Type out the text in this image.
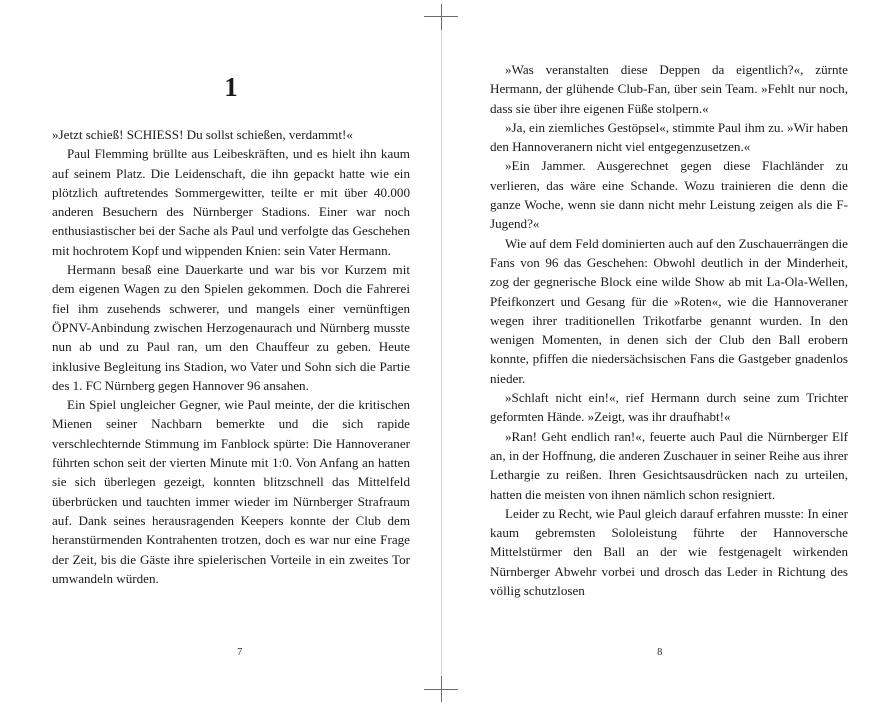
1

»Jetzt schieß! SCHIESS! Du sollst schießen, verdammt!«

Paul Flemming brüllte aus Leibeskräften, und es hielt ihn kaum auf seinem Platz. Die Leidenschaft, die ihn gepackt hatte wie ein plötzlich auftretendes Sommergewitter, teilte er mit über 40.000 anderen Besuchern des Nürnberger Stadions. Einer war noch enthusiastischer bei der Sache als Paul und verfolgte das Geschehen mit hochrotem Kopf und wippenden Knien: sein Vater Hermann.

Hermann besaß eine Dauerkarte und war bis vor Kurzem mit dem eigenen Wagen zu den Spielen gekommen. Doch die Fahrerei fiel ihm zusehends schwerer, und mangels einer vernünftigen ÖPNV-Anbindung zwischen Herzogenaurach und Nürnberg musste nun ab und zu Paul ran, um den Chauffeur zu geben. Heute inklusive Begleitung ins Stadion, wo Vater und Sohn sich die Partie des 1. FC Nürnberg gegen Hannover 96 ansahen.

Ein Spiel ungleicher Gegner, wie Paul meinte, der die kritischen Mienen seiner Nachbarn bemerkte und die sich rapide verschlechternde Stimmung im Fanblock spürte: Die Hannoveraner führten schon seit der vierten Minute mit 1:0. Von Anfang an hatten sie sich überlegen gezeigt, konnten blitzschnell das Mittelfeld überbrücken und tauchten immer wieder im Nürnberger Strafraum auf. Dank seines herausragenden Keepers konnte der Club dem heranstürmenden Kontrahenten trotzen, doch es war nur eine Frage der Zeit, bis die Gäste ihre spielerischen Vorteile in ein zweites Tor umwandeln würden.

7

»Was veranstalten diese Deppen da eigentlich?«, zürnte Hermann, der glühende Club-Fan, über sein Team. »Fehlt nur noch, dass sie über ihre eigenen Füße stolpern.«

»Ja, ein ziemliches Gestöpsel«, stimmte Paul ihm zu. »Wir haben den Hannoveranern nicht viel entgegenzusetzen.«

»Ein Jammer. Ausgerechnet gegen diese Flachländer zu verlieren, das wäre eine Schande. Wozu trainieren die denn die ganze Woche, wenn sie dann nicht mehr Leistung zeigen als die F-Jugend?«

Wie auf dem Feld dominierten auch auf den Zuschauerrängen die Fans von 96 das Geschehen: Obwohl deutlich in der Minderheit, zog der gegnerische Block eine wilde Show ab mit La-Ola-Wellen, Pfeifkonzert und Gesang für die »Roten«, wie die Hannoveraner wegen ihrer traditionellen Trikotfarbe genannt wurden. In den wenigen Momenten, in denen sich der Club den Ball erobern konnte, pfiffen die niedersächsischen Fans die Gastgeber gnadenlos nieder.

»Schlaft nicht ein!«, rief Hermann durch seine zum Trichter geformten Hände. »Zeigt, was ihr draufhabt!«

»Ran! Geht endlich ran!«, feuerte auch Paul die Nürnberger Elf an, in der Hoffnung, die anderen Zuschauer in seiner Reihe aus ihrer Lethargie zu reißen. Ihren Gesichtsausdrücken nach zu urteilen, hatten die meisten von ihnen nämlich schon resigniert.

Leider zu Recht, wie Paul gleich darauf erfahren musste: In einer kaum gebremsten Sololeistung führte der Hannoversche Mittelstürmer den Ball an der wie festgenagelt wirkenden Nürnberger Abwehr vorbei und drosch das Leder in Richtung des völlig schutzlosen

8
